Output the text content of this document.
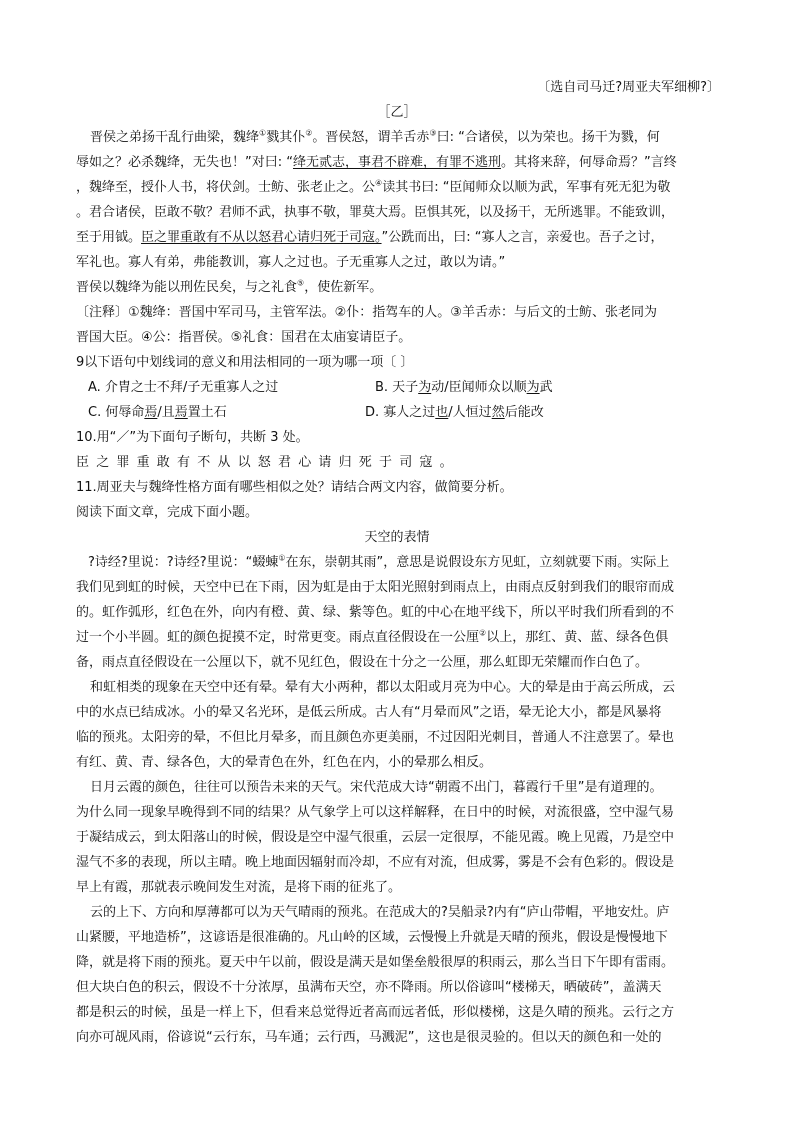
〔选自司马迁?周亚夫军细柳?〕
［乙］
晋侯之弟扬干乱行曲梁，魏绛①戮其仆②。晋侯怒，谓羊舌赤③曰: “合诸侯，以为荣也。扬干为戮，何
辱如之？必杀魏绛，无失也！”对曰: “绛无贰志，事君不辟难，有罪不逃刑。其将来辞，何辱命焉？”言终
，魏绛至，授仆人书，将伏剑。士鲂、张老止之。公④读其书曰: “臣闻师众以顺为武，军事有死无犯为敬
。君合诸侯，臣敢不敬？君师不武，执事不敬，罪莫大焉。臣惧其死，以及扬干，无所逃罪。不能致训，
至于用钺。臣之罪重敢有不从以怒君心请归死于司寇。”公跣而出，曰: “寡人之言，亲爱也。吾子之讨，
军礼也。寡人有弟，弗能教训，寡人之过也。子无重寡人之过，敢以为请。”
晋侯以魏绛为能以刑佐民矣，与之礼食⑤，使佐新军。
〔注释〕①魏绛：晋国中军司马，主管军法。②仆：指驾车的人。③羊舌赤：与后文的士鲂、张老同为
晋国大臣。④公：指晋侯。⑤礼食：国君在太庙宴请臣子。
9以下语句中划线词的意义和用法相同的一项为哪一项〔 〕
A. 介胄之士不拜/子无重寡人之过	B. 天子为动/臣闻师众以顺为武
C. 何辱命焉/且焉置土石	D. 寡人之过也/人恒过然后能改
10.用“／”为下面句子断句，共断 3 处。
臣之罪重敢有不从以怒君心请归死于司寇。
11.周亚夫与魏绛性格方面有哪些相似之处？请结合两文内容，做简要分析。
阅读下面文章，完成下面小题。
天空的表情
?诗经?里说：?诗经?里说：“蝃蝀①在东，崇朝其雨”，意思是说假设东方见虹，立刻就要下雨。实际上
我们见到虹的时候，天空中已在下雨，因为虹是由于太阳光照射到雨点上，由雨点反射到我们的眼帘而成
的。虹作弧形，红色在外，向内有橙、黄、绿、紫等色。虹的中心在地平线下，所以平时我们所看到的不
过一个小半圆。虹的颜色捉摸不定，时常更变。雨点直径假设在一公厘②以上，那红、黄、蓝、绿各色俱
备，雨点直径假设在一公厘以下，就不见红色，假设在十分之一公厘，那么虹即无荣耀而作白色了。
和虹相类的现象在天空中还有晕。晕有大小两种，都以太阳或月亮为中心。大的晕是由于高云所成，云
中的水点已结成冰。小的晕又名光环，是低云所成。古人有“月晕而风”之语，晕无论大小，都是风暴将
临的预兆。太阳旁的晕，不但比月晕多，而且颜色亦更美丽，不过因阳光刺目，普通人不注意罢了。晕也
有红、黄、青、绿各色，大的晕青色在外，红色在内，小的晕那么相反。
日月云霞的颜色，往往可以预告未来的天气。宋代范成大诗“朝霞不出门，暮霞行千里”是有道理的。
为什么同一现象早晚得到不同的结果？从气象学上可以这样解释，在日中的时候，对流很盛，空中湿气易
于凝结成云，到太阳落山的时候，假设是空中湿气很重，云层一定很厚，不能见霞。晚上见霞，乃是空中
湿气不多的表现，所以主晴。晚上地面因辐射而冷却，不应有对流，但成雾，雾是不会有色彩的。假设是
早上有霞，那就表示晚间发生对流，是将下雨的征兆了。
云的上下、方向和厚薄都可以为天气晴雨的预兆。在范成大的?吴船录?内有“庐山带帽，平地安灶。庐
山紧腰，平地造桥”，这谚语是很准确的。凡山岭的区域，云慢慢上升就是天晴的预兆，假设是慢慢地下
降，就是将下雨的预兆。夏天中午以前，假设是满天是如堡垒般很厚的积雨云，那么当日下午即有雷雨。
但大块白色的积云，假设不十分浓厚，虽满布天空，亦不降雨。所以俗谚叫“楼梯天，晒破砖”，盖满天
都是积云的时候，虽是一样上下，但看来总觉得近者高而远者低，形似楼梯，这是久晴的预兆。云行之方
向亦可觇风雨，俗谚说“云行东，马车通；云行西，马溅泥”，这也是很灵验的。但以天的颜色和一处的
